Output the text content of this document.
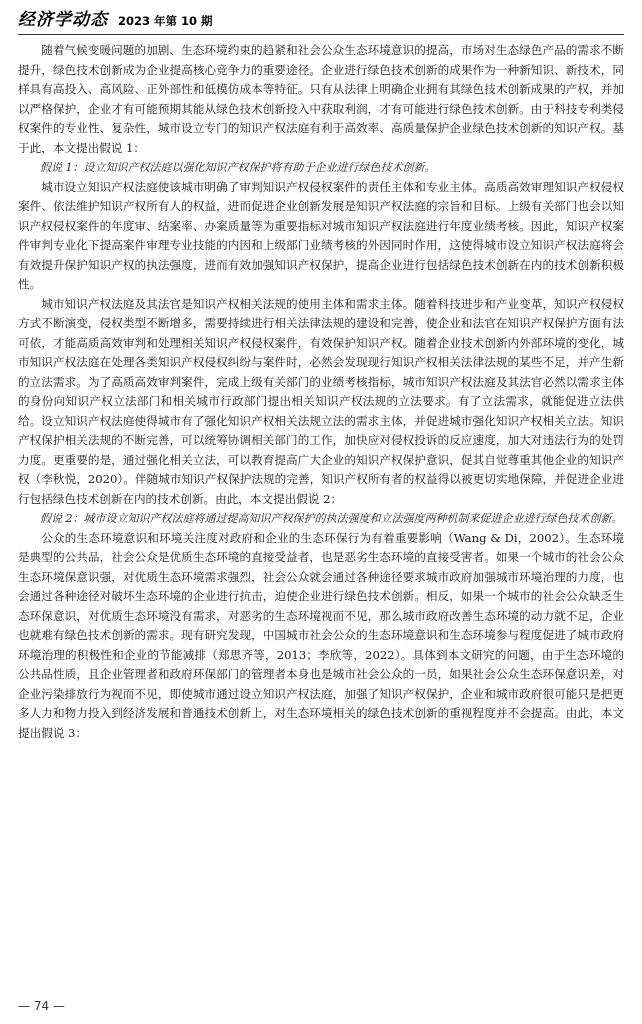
经济学动态 2023 年第 10 期

随着气候变暖问题的加剧、生态环境约束的趋紧和社会公众生态环境意识的提高，市场对生态绿色产品的需求不断提升，绿色技术创新成为企业提高核心竞争力的重要途径。企业进行绿色技术创新的成果作为一种新知识、新技术，同样具有高投入、高风险、正外部性和低模仿成本等特征。只有从法律上明确企业拥有其绿色技术创新成果的产权，并加以严格保护，企业才有可能预期其能从绿色技术创新投入中获取利润，才有可能进行绿色技术创新。由于科技专利类侵权案件的专业性、复杂性，城市设立专门的知识产权法庭有利于高效率、高质量保护企业绿色技术创新的知识产权。基于此，本文提出假说 1：

假说 1：设立知识产权法庭以强化知识产权保护将有助于企业进行绿色技术创新。

城市设立知识产权法庭使该城市明确了审判知识产权侵权案件的责任主体和专业主体。高质高效审理知识产权侵权案件、依法维护知识产权所有人的权益，进而促进企业创新发展是知识产权法庭的宗旨和目标。上级有关部门也会以知识产权侵权案件的年度审、结案率、办案质量等为重要指标对城市知识产权法庭进行年度业绩考核。因此，知识产权案件审判专业化下提高案件审理专业技能的内因和上级部门业绩考核的外因同时作用，这使得城市设立知识产权法庭将会有效提升保护知识产权的执法强度，进而有效加强知识产权保护，提高企业进行包括绿色技术创新在内的技术创新积极性。

城市知识产权法庭及其法官是知识产权相关法规的使用主体和需求主体。随着科技进步和产业变革，知识产权侵权方式不断演变，侵权类型不断增多，需要持续进行相关法律法规的建设和完善，使企业和法官在知识产权保护方面有法可依，才能高质高效审判和处理相关知识产权侵权案件，有效保护知识产权。随着企业技术创新内外部环境的变化，城市知识产权法庭在处理各类知识产权侵权纠纷与案件时，必然会发现现行知识产权相关法律法规的某些不足，并产生新的立法需求。为了高质高效审判案件，完成上级有关部门的业绩考核指标，城市知识产权法庭及其法官必然以需求主体的身份向知识产权立法部门和相关城市行政部门提出相关知识产权法规的立法要求。有了立法需求，就能促进立法供给。设立知识产权法庭使得城市有了强化知识产权相关法规立法的需求主体，并促进城市强化知识产权相关立法。知识产权保护相关法规的不断完善，可以统筹协调相关部门的工作，加快应对侵权投诉的反应速度，加大对违法行为的处罚力度。更重要的是，通过强化相关立法，可以教育提高广大企业的知识产权保护意识，促其自觉尊重其他企业的知识产权（李秋悦，2020）。伴随城市知识产权保护法规的完善，知识产权所有者的权益得以被更切实地保障，并促进企业进行包括绿色技术创新在内的技术创新。由此，本文提出假说 2：

假说 2：城市设立知识产权法庭将通过提高知识产权保护的执法强度和立法强度两种机制来促进企业进行绿色技术创新。

公众的生态环境意识和环境关注度对政府和企业的生态环保行为有着重要影响（Wang & Di，2002）。生态环境是典型的公共品，社会公众是优质生态环境的直接受益者，也是恶劣生态环境的直接受害者。如果一个城市的社会公众生态环境保意识强，对优质生态环境需求强烈，社会公众就会通过各种途径要求城市政府加强城市环境治理的力度，也会通过各种途径对破坏生态环境的企业进行抗击，迫使企业进行绿色技术创新。相反，如果一个城市的社会公众缺乏生态环保意识，对优质生态环境没有需求，对恶劣的生态环境视而不见，那么城市政府改善生态环境的动力就不足，企业也就难有绿色技术创新的需求。现有研究发现，中国城市社会公众的生态环境意识和生态环境参与程度促进了城市政府环境治理的积极性和企业的节能减排（郑思齐等，2013；李欣等，2022）。具体到本文研究的问题，由于生态环境的公共品性质，且企业管理者和政府环保部门的管理者本身也是城市社会公众的一员，如果社会公众生态环保意识差，对企业污染排放行为视而不见，即使城市通过设立知识产权法庭，加强了知识产权保护，企业和城市政府很可能只是把更多人力和物力投入到经济发展和普通技术创新上，对生态环境相关的绿色技术创新的重视程度并不会提高。由此，本文提出假说 3：

— 74 —
